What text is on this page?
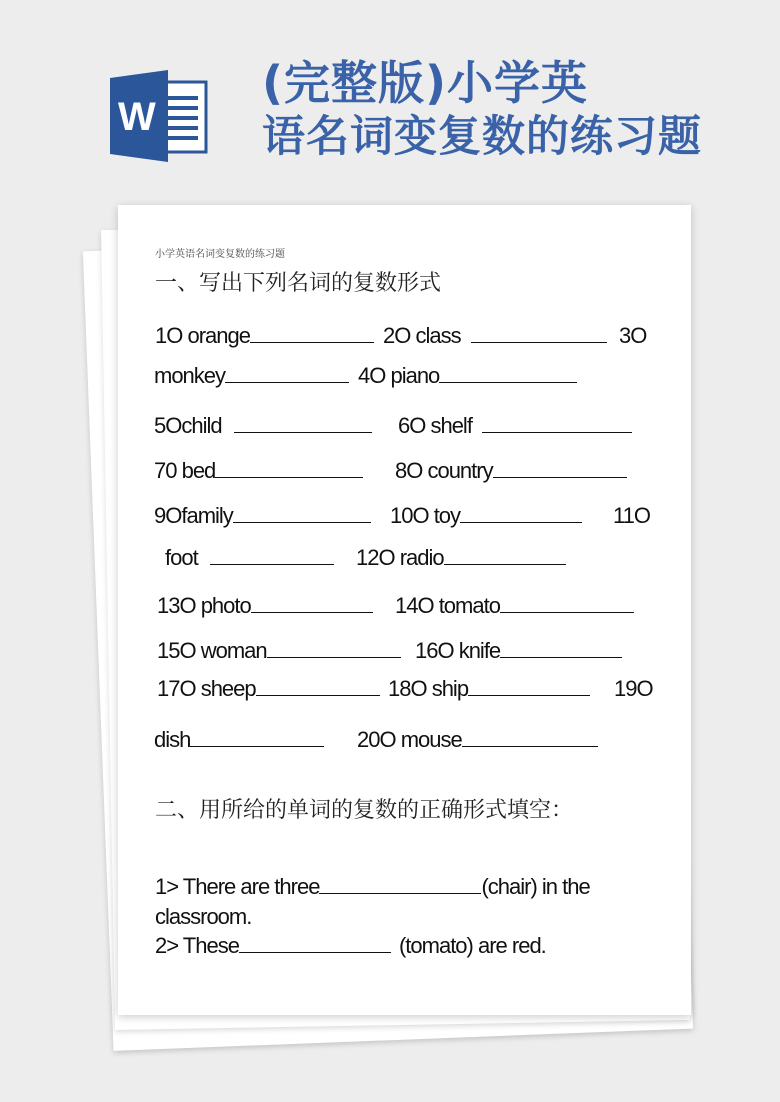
W
(完整版)小学英
语名词变复数的练习题
小学英语名词变复数的练习题
一、写出下列名词的复数形式
1O orange	2O class	3O
monkey	4O piano
5Ochild	6O shelf
70 bed	8O country
9Ofamily	10O toy	11O
foot	12O radio
13O photo	14O tomato
15O woman	16O knife
17O sheep	18O ship	19O
dish	20O mouse
二、用所给的单词的复数的正确形式填空：
1> There are three	(chair) in the
classroom.
2> These	(tomato) are red.
